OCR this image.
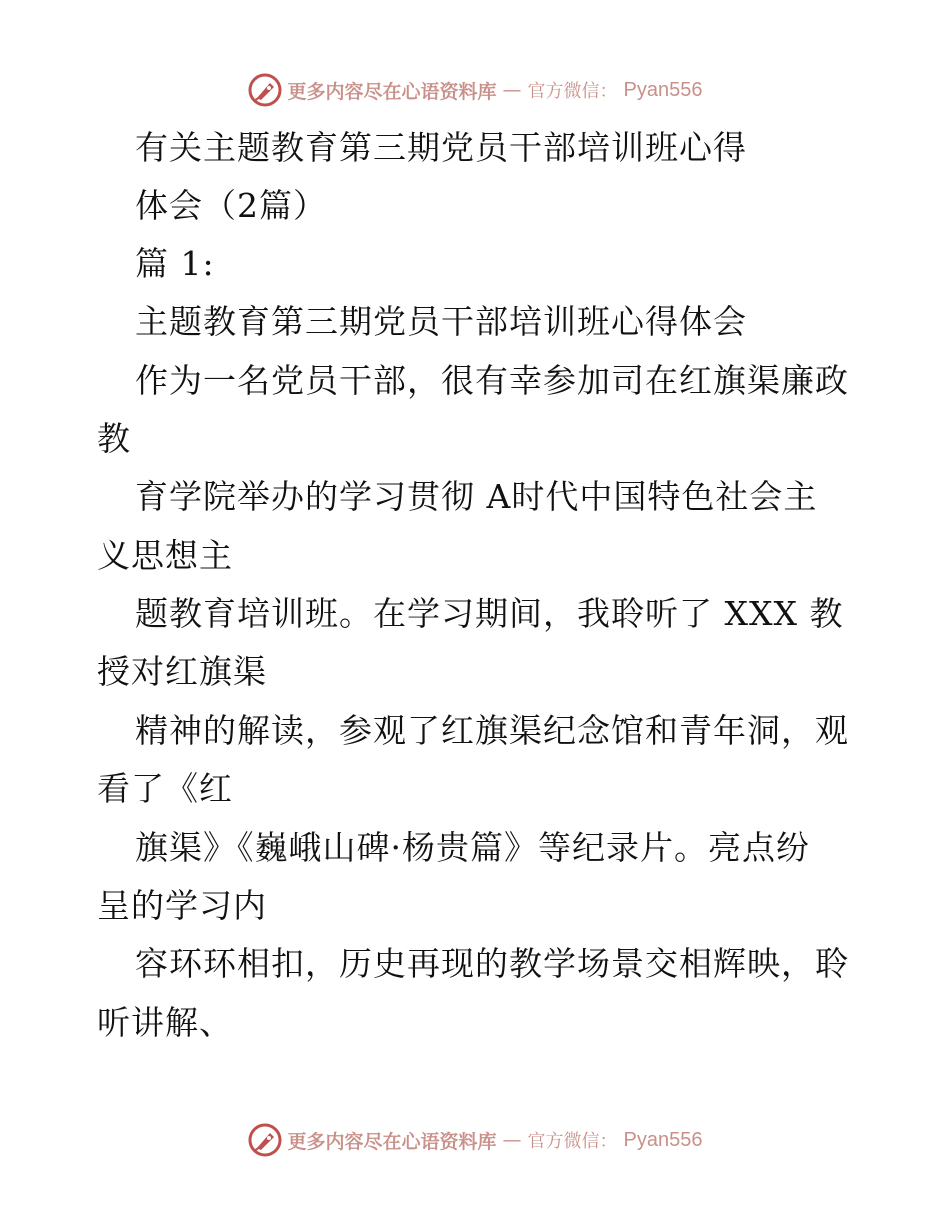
更多内容尽在心语资料库 — 官方微信： Pyan556
有关主题教育第三期党员干部培训班心得
体会（2篇）
篇 1:
主题教育第三期党员干部培训班心得体会
作为一名党员干部，很有幸参加司在红旗渠廉政
教
育学院举办的学习贯彻 A时代中国特色社会主
义思想主
题教育培训班。在学习期间，我聆听了 XXX 教
授对红旗渠
精神的解读，参观了红旗渠纪念馆和青年洞，观
看了《红
旗渠》《巍峨山碑·杨贵篇》等纪录片。亮点纷
呈的学习内
容环环相扣，历史再现的教学场景交相辉映，聆
听讲解、
更多内容尽在心语资料库 — 官方微信： Pyan556
